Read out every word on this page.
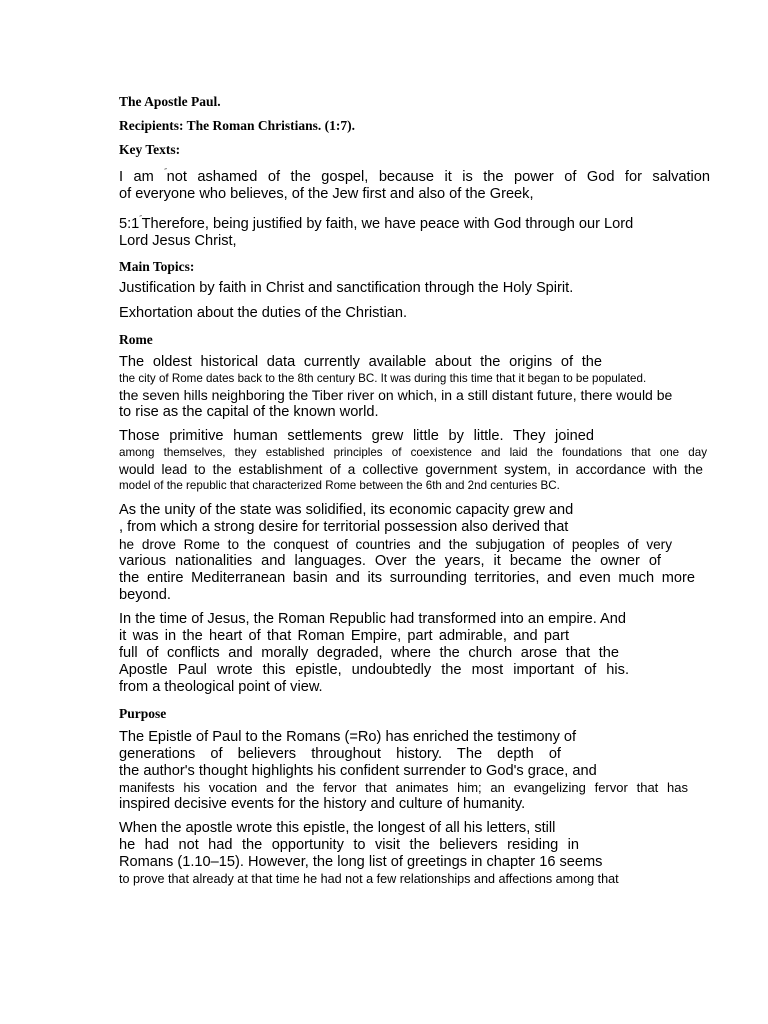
The Apostle Paul.
Recipients: The Roman Christians. (1:7).
Key Texts:
I am ˝not ashamed of the gospel, because it is the power of God for salvation
of everyone who believes, of the Jew first and also of the Greek,
5:1˝Therefore, being justified by faith, we have peace with God through our Lord
Lord Jesus Christ,
Main Topics:
Justification by faith in Christ and sanctification through the Holy Spirit.
Exhortation about the duties of the Christian.
Rome
The oldest historical data currently available about the origins of the
the city of Rome dates back to the 8th century BC. It was during this time that it began to be populated.
the seven hills neighboring the Tiber river on which, in a still distant future, there would be
to rise as the capital of the known world.
Those primitive human settlements grew little by little. They joined
among themselves, they established principles of coexistence and laid the foundations that one day
would lead to the establishment of a collective government system, in accordance with the
model of the republic that characterized Rome between the 6th and 2nd centuries BC.
As the unity of the state was solidified, its economic capacity grew and
, from which a strong desire for territorial possession also derived that
he drove Rome to the conquest of countries and the subjugation of peoples of very
various nationalities and languages. Over the years, it became the owner of
the entire Mediterranean basin and its surrounding territories, and even much more
beyond.
In the time of Jesus, the Roman Republic had transformed into an empire. And
it was in the heart of that Roman Empire, part admirable, and part
full of conflicts and morally degraded, where the church arose that the
Apostle Paul wrote this epistle, undoubtedly the most important of his.
from a theological point of view.
Purpose
The Epistle of Paul to the Romans (=Ro) has enriched the testimony of
generations of believers throughout history. The depth of
the author's thought highlights his confident surrender to God's grace, and
manifests his vocation and the fervor that animates him; an evangelizing fervor that has
inspired decisive events for the history and culture of humanity.
When the apostle wrote this epistle, the longest of all his letters, still
he had not had the opportunity to visit the believers residing in
Romans (1.10–15). However, the long list of greetings in chapter 16 seems
to prove that already at that time he had not a few relationships and affections among that
